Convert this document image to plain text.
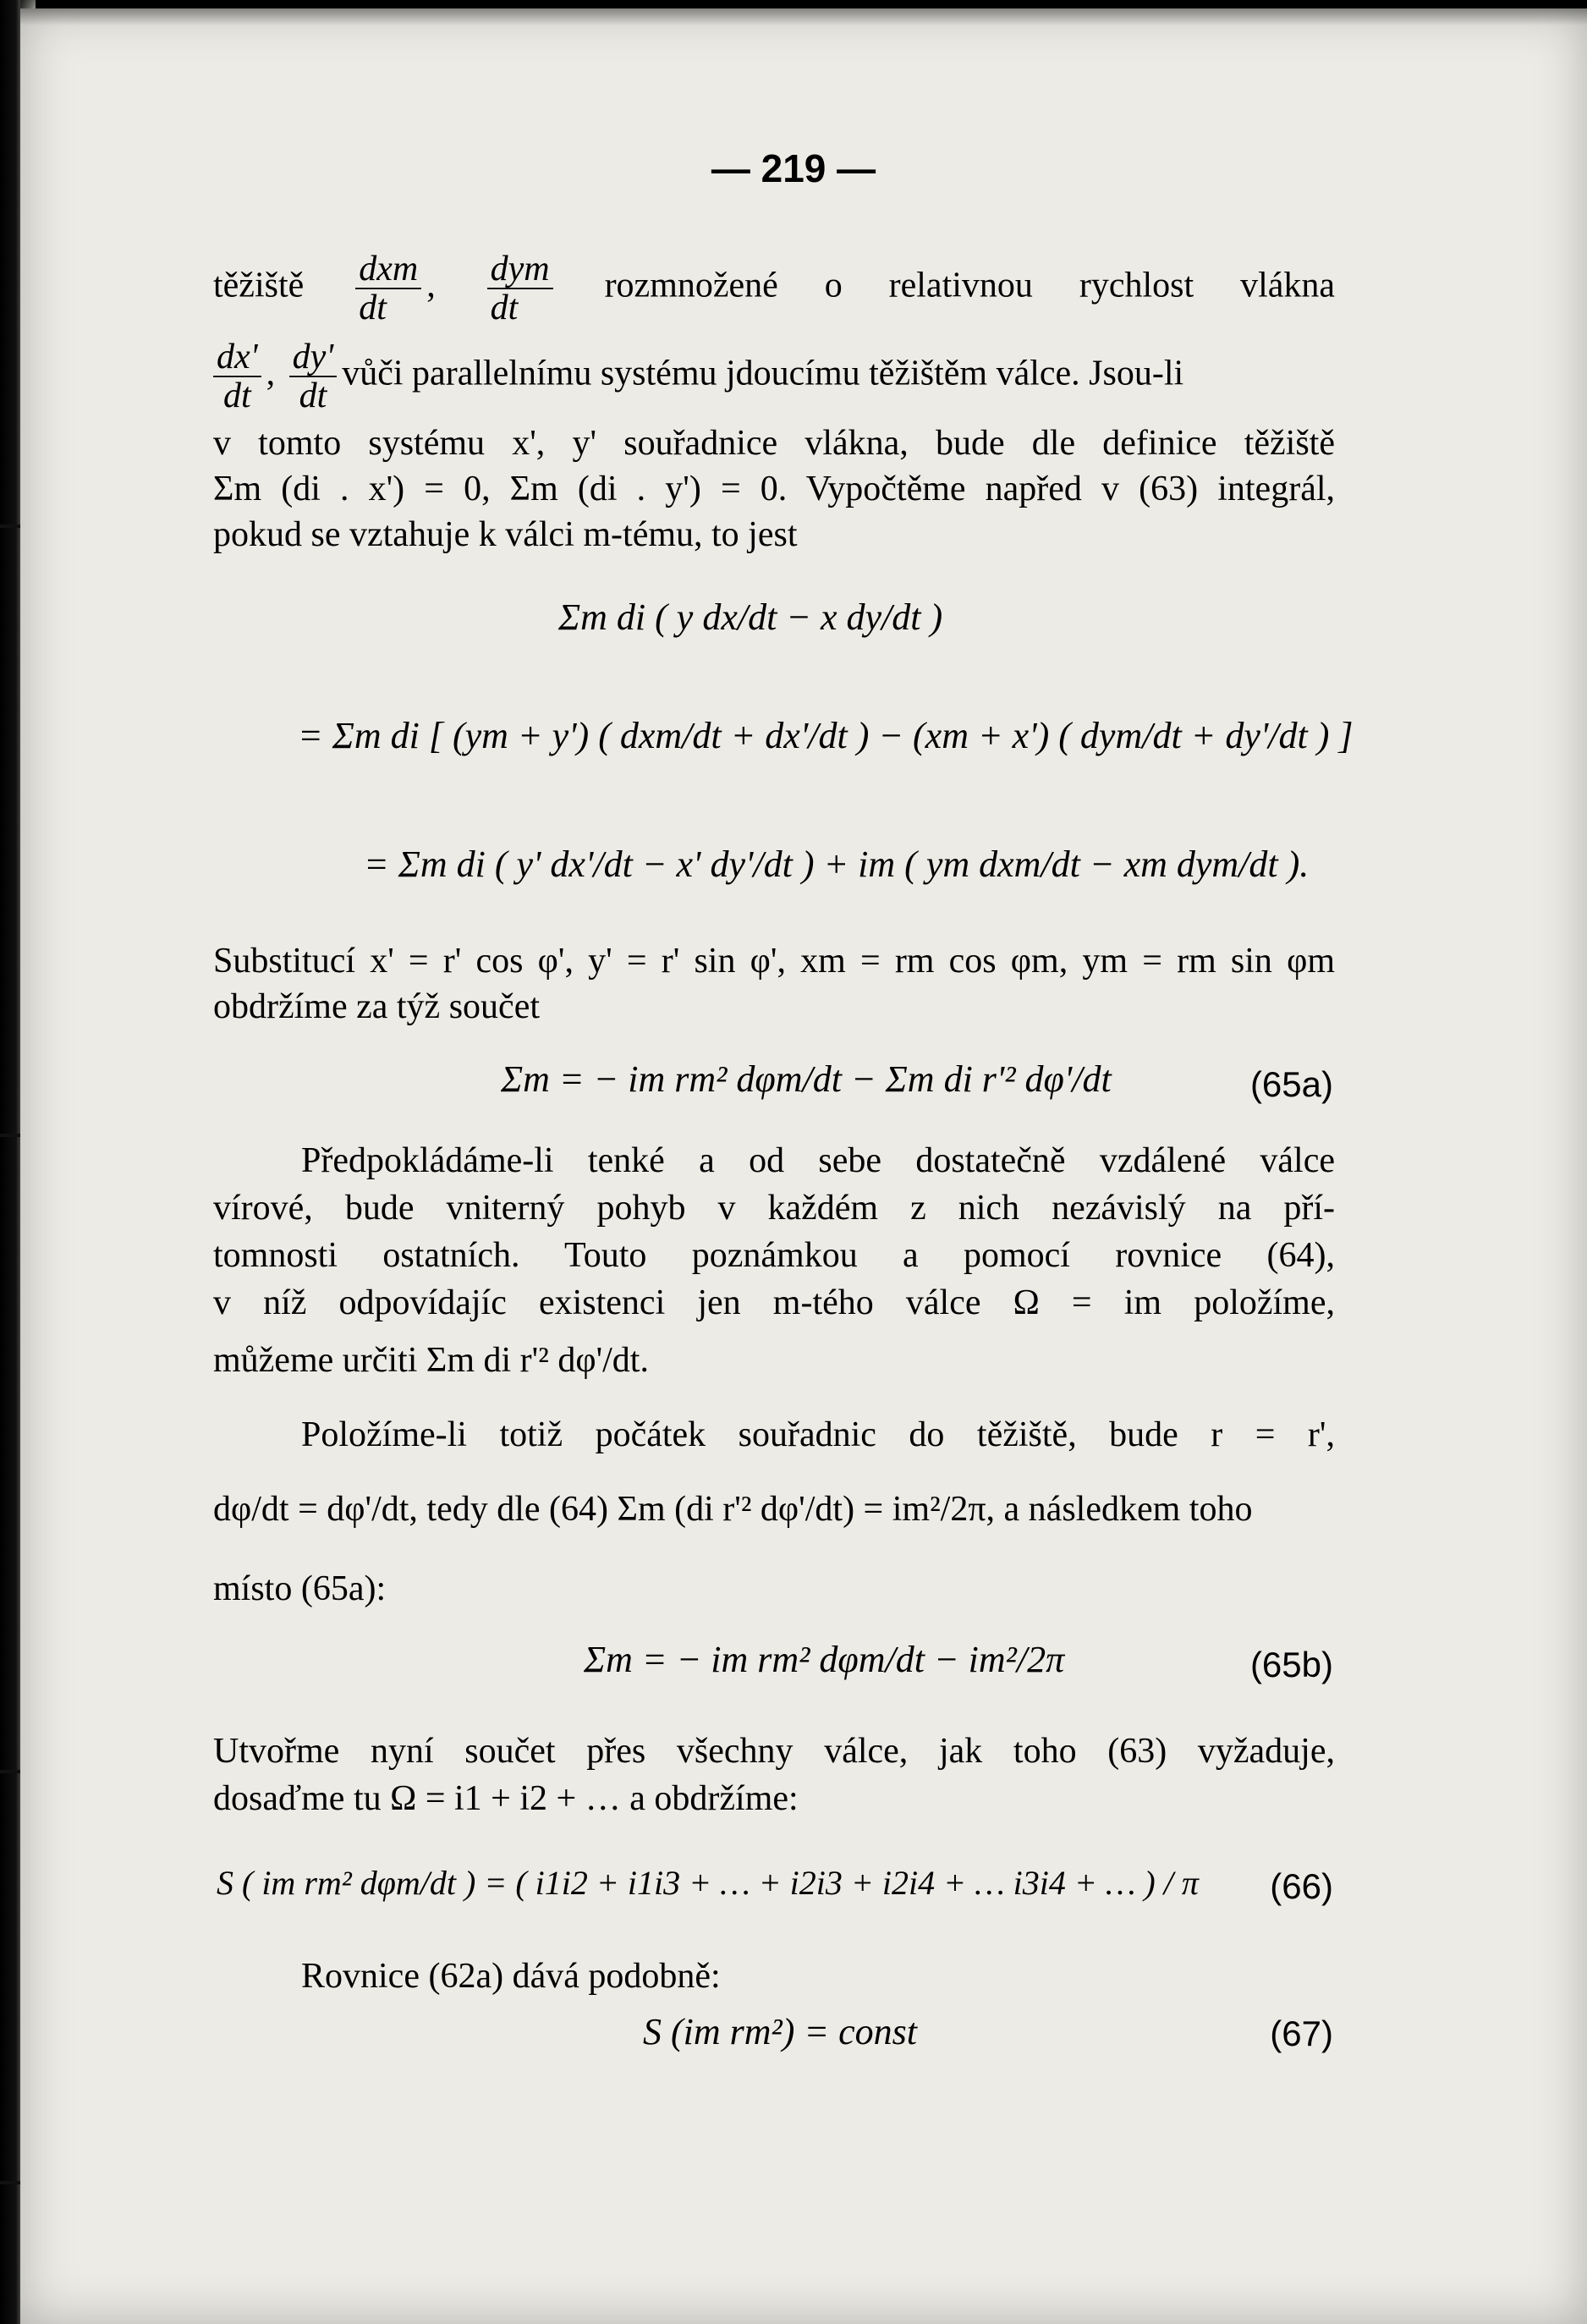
— 219 —
těžiště $\frac{\text{dxm}}{dt}$ , $\frac{\text{dym}}{dt}$ rozmnožené o relativnou rychlost vlákna
$\frac{dx'}{dt}$ , $\frac{dy'}{dt}$ vůči parallelnímu systému jdoucímu těžištěm válce. Jsou-li
v tomto systému x', y' souřadnice vlákna, bude dle definice těžiště
Σm (di . x') = 0, Σm (di . y') = 0. Vypočtěme napřed v (63) integrál,
pokud se vztahuje k válci m-tému, to jest
Σm di ( y dx/dt − x dy/dt )
= Σm di [ (ym + y') ( dxm/dt + dx'/dt ) − (xm + x') ( dym/dt + dy'/dt ) ]
= Σm di ( y' dx'/dt − x' dy'/dt ) + im ( ym dxm/dt − xm dym/dt ).
Substitucí x' = r' cos φ', y' = r' sin φ', xm = rm cos φm, ym = rm sin φm
obdržíme za týž součet
Σm = − im rm² dφm/dt − Σm di r'² dφ'/dt	(65a)
Předpokládáme-li tenké a od sebe dostatečně vzdálené válce
vírové, bude vniterný pohyb v každém z nich nezávislý na pří-
tomnosti ostatních. Touto poznámkou a pomocí rovnice (64),
v níž odpovídajíc existenci jen m-tého válce Ω = im položíme,
můžeme určiti Σm di r'² dφ'/dt.
Položíme-li totiž počátek souřadnic do těžiště, bude r = r',
dφ/dt = dφ'/dt, tedy dle (64) Σm (di r'² dφ'/dt) = im²/2π, a následkem toho
místo (65a):
Σm = − im rm² dφm/dt − im²/2π	(65b)
Utvořme nyní součet přes všechny válce, jak toho (63) vyžaduje,
dosaďme tu Ω = i1 + i2 + … a obdržíme:
S ( im rm² dφm/dt ) = ( i1i2 + i1i3 + … + i2i3 + i2i4 + … i3i4 + … ) / π (66)
Rovnice (62a) dává podobně:
S (im rm²) = const	(67)
